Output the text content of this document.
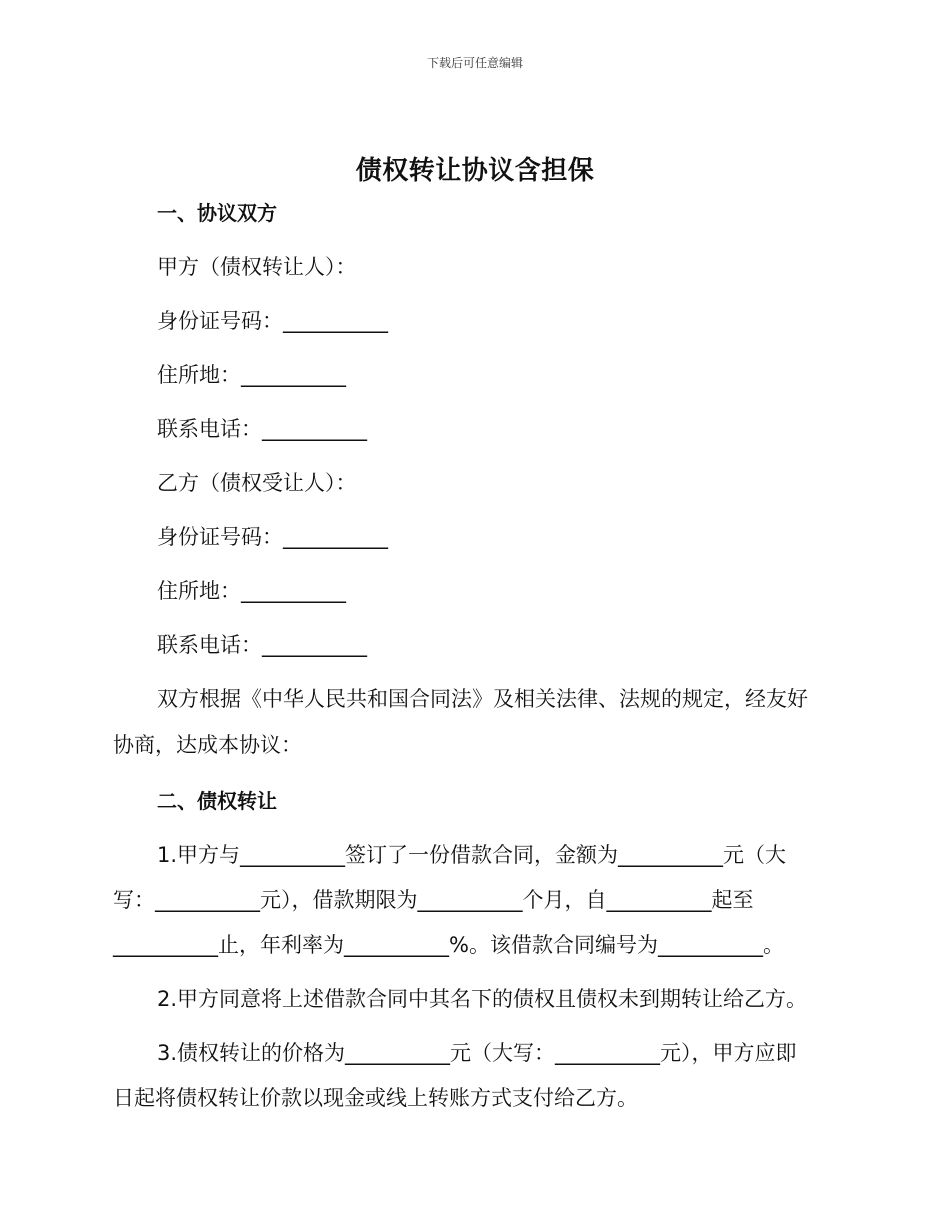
下载后可任意编辑
债权转让协议含担保
一、协议双方
甲方（债权转让人）：
身份证号码：__________
住所地：__________
联系电话：__________
乙方（债权受让人）：
身份证号码：__________
住所地：__________
联系电话：__________
双方根据《中华人民共和国合同法》及相关法律、法规的规定，经友好
协商，达成本协议：
二、债权转让
1.甲方与__________签订了一份借款合同，金额为__________元（大
写：__________元），借款期限为__________个月，自__________起至
__________止，年利率为__________%。该借款合同编号为__________。
2.甲方同意将上述借款合同中其名下的债权且债权未到期转让给乙方。
3.债权转让的价格为__________元（大写：__________元），甲方应即
日起将债权转让价款以现金或线上转账方式支付给乙方。
